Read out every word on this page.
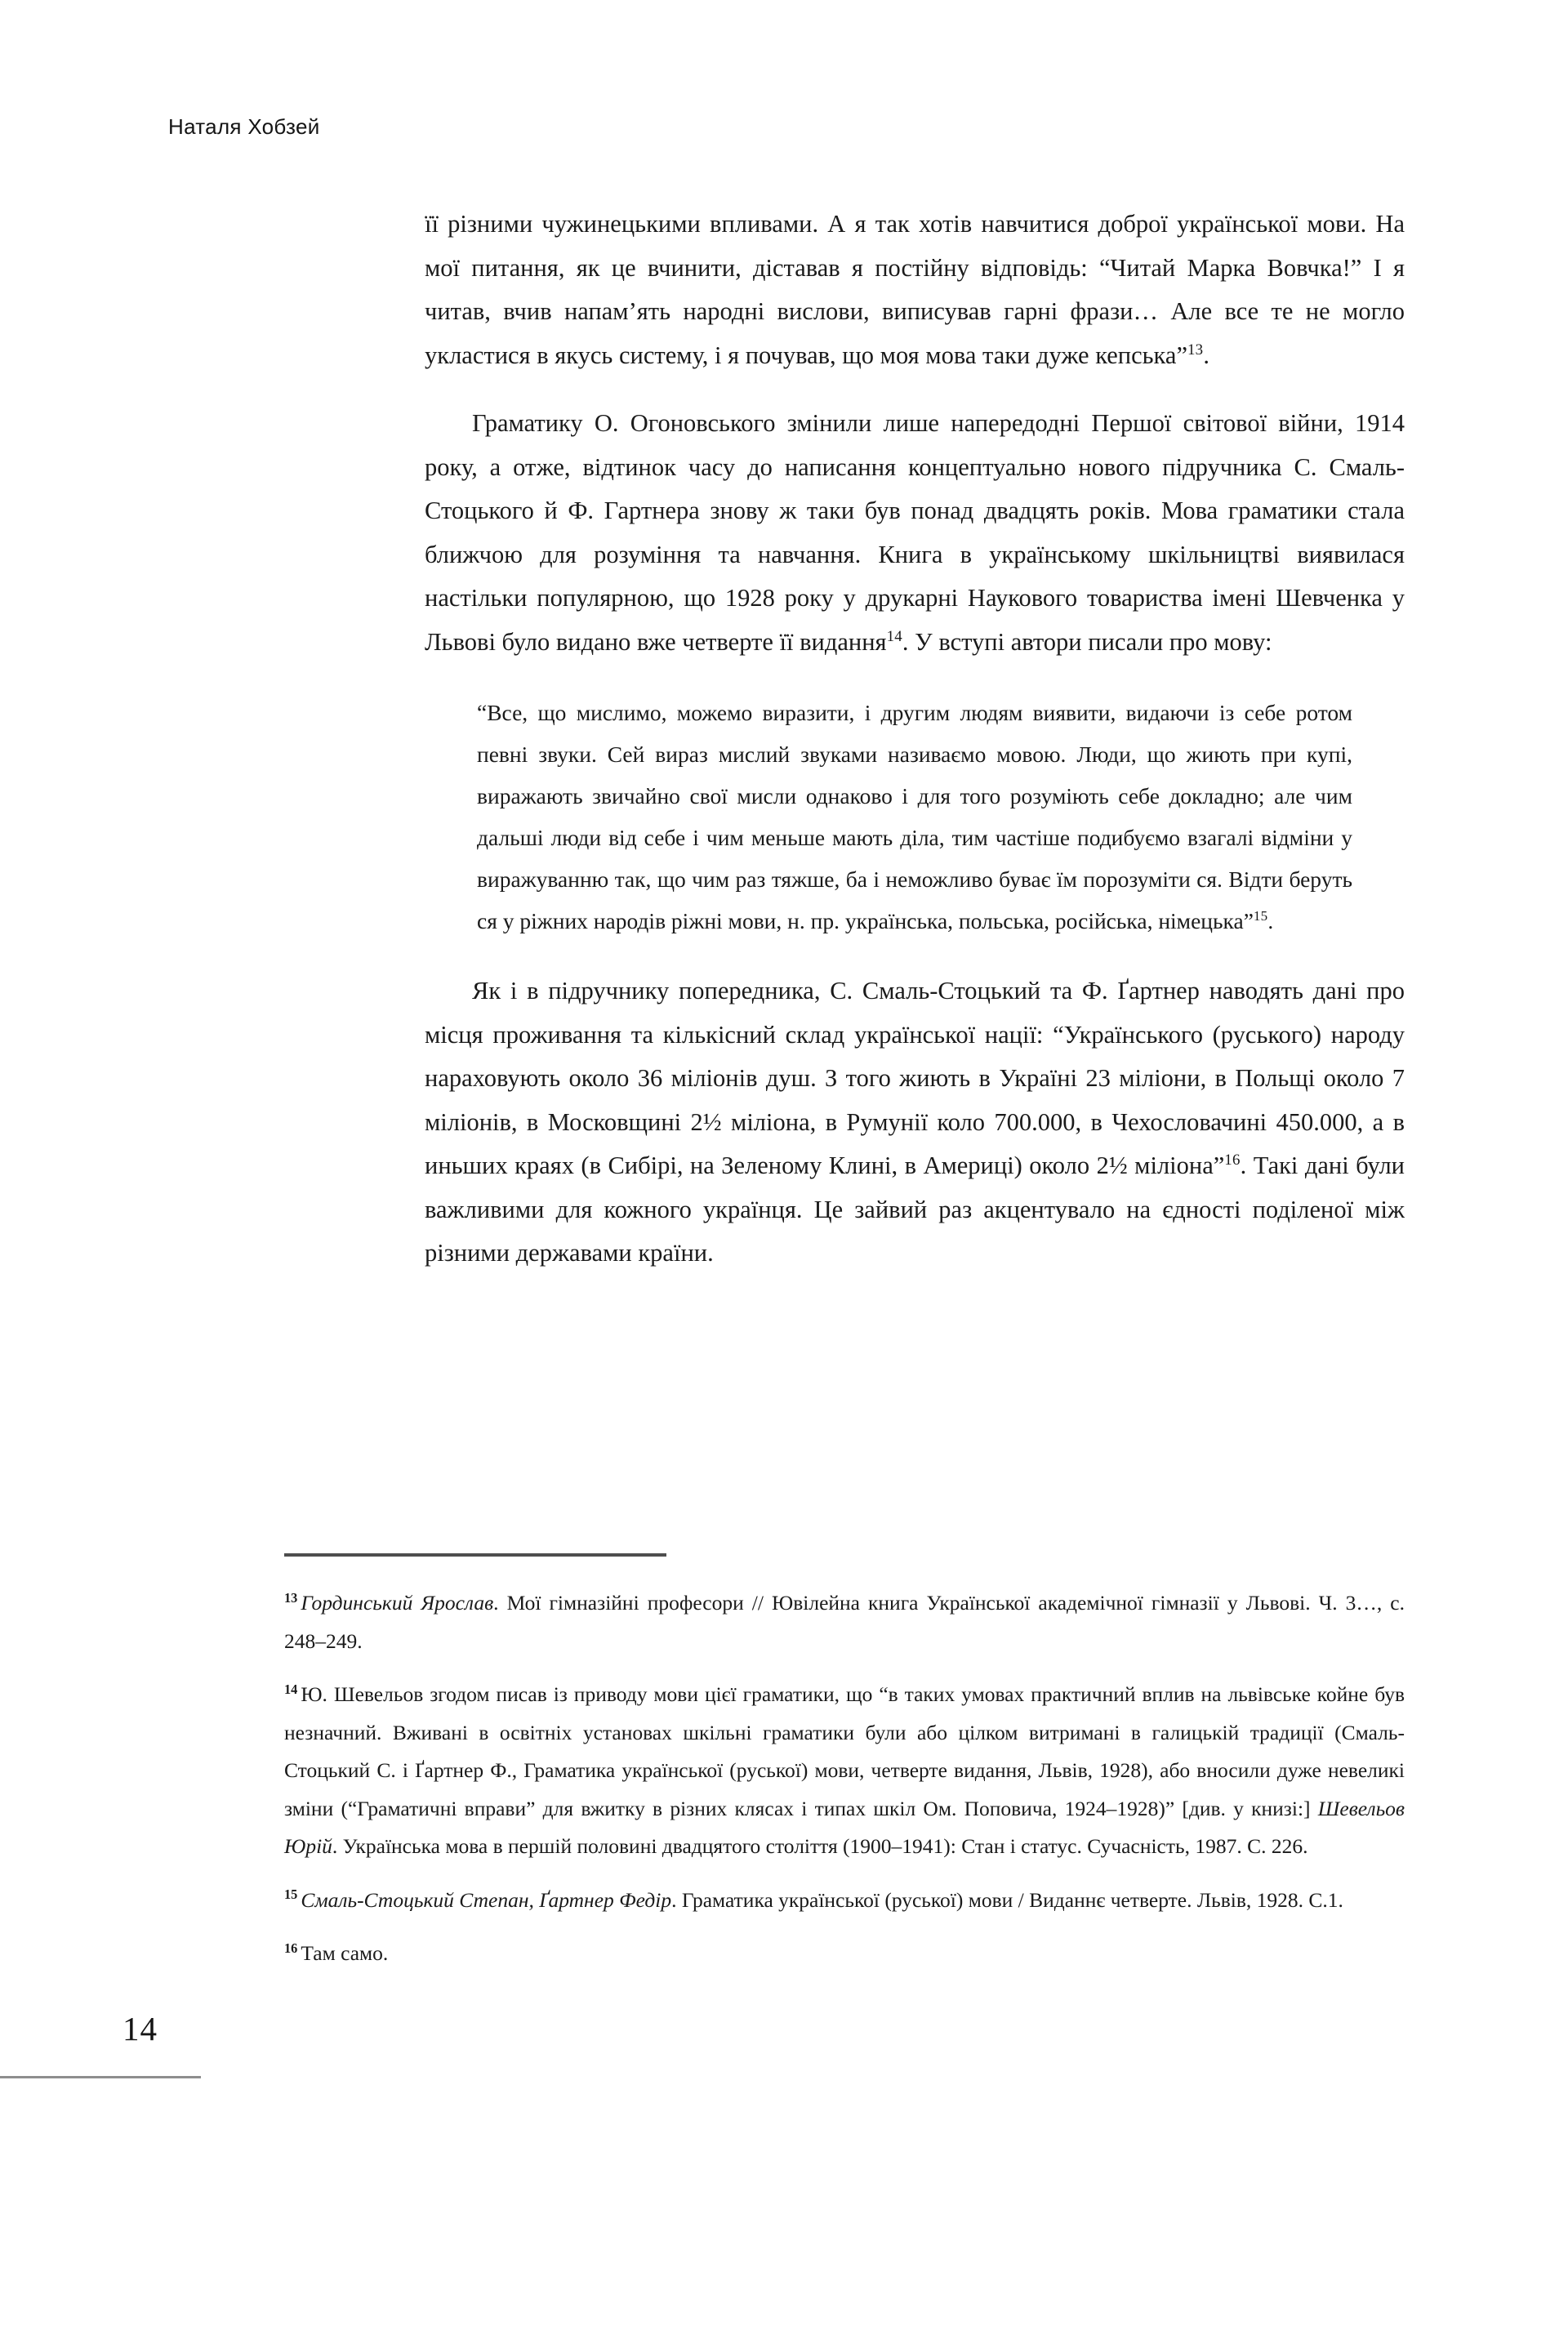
Наталя Хобзей

її різними чужинецькими впливами. А я так хотів навчитися доброї української мови. На мої питання, як це вчинити, діставав я постійну відповідь: “Читай Марка Вовчка!” І я читав, вчив напам’ять народні вислови, виписував гарні фрази… Але все те не могло укластися в якусь систему, і я почував, що моя мова таки дуже кепська”$^{13}$.

Граматику О. Огоновського змінили лише напередодні Першої світової війни, 1914 року, а отже, відтинок часу до написання концептуально нового підручника С. Смаль-Стоцького й Ф. Гартнера знову ж таки був понад двадцять років. Мова граматики стала ближчою для розуміння та навчання. Книга в українському шкільництві виявилася настільки популярною, що 1928 року у друкарні Наукового товариства імені Шевченка у Львові було видано вже четверте її видання$^{14}$. У вступі автори писали про мову:

“Все, що мислимо, можемо виразити, і другим людям виявити, видаючи із себе ротом певні звуки. Сей вираз мислий звуками називаємо мовою. Люди, що жиють при купі, виражають звичайно свої мисли однаково і для того розуміють себе докладно; але чим дальші люди від себе і чим меньше мають діла, тим частіше подибуємо взагалі відміни у виражуванню так, що чим раз тяжше, ба і неможливо буває їм порозуміти ся. Відти беруть ся у ріжних народів ріжні мови, н. пр. українська, польська, російська, німецька”$^{15}$.

Як і в підручнику попередника, С. Смаль-Стоцький та Ф. Ґартнер наводять дані про місця проживання та кількісний склад української нації: “Українського (руського) народу нараховують около 36 міліонів душ. З того жиють в Україні 23 міліони, в Польщі около 7 міліонів, в Московщині 2½ міліона, в Румунії коло 700.000, в Чехословачині 450.000, а в иньших краях (в Сибірі, на Зеленому Клині, в Америці) около 2½ міліона”$^{16}$. Такі дані були важливими для кожного українця. Це зайвий раз акцентувало на єдності поділеної між різними державами країни.

$^{13}$ Гординський Ярослав. Мої гімназійні професори // Ювілейна книга Української академічної гімназії у Львові. Ч. 3…, с. 248–249.

$^{14}$ Ю. Шевельов згодом писав із приводу мови цієї граматики, що “в таких умовах практичний вплив на львівське койне був незначний. Вживані в освітніх установах шкільні граматики були або цілком витримані в галицькій традиції (Смаль-Стоцький С. і Ґартнер Ф., Граматика української (руської) мови, четверте видання, Львів, 1928), або вносили дуже невеликі зміни (“Граматичні вправи” для вжитку в різних клясах і типах шкіл Ом. Поповича, 1924–1928)” [див. у книзі:] Шевельов Юрій. Українська мова в першій половині двадцятого століття (1900–1941): Стан і статус. Сучасність, 1987. С. 226.

$^{15}$ Смаль-Стоцький Степан, Ґартнер Федір. Граматика української (руської) мови / Виданнє четверте. Львів, 1928. С.1.

$^{16}$ Там само.

14
